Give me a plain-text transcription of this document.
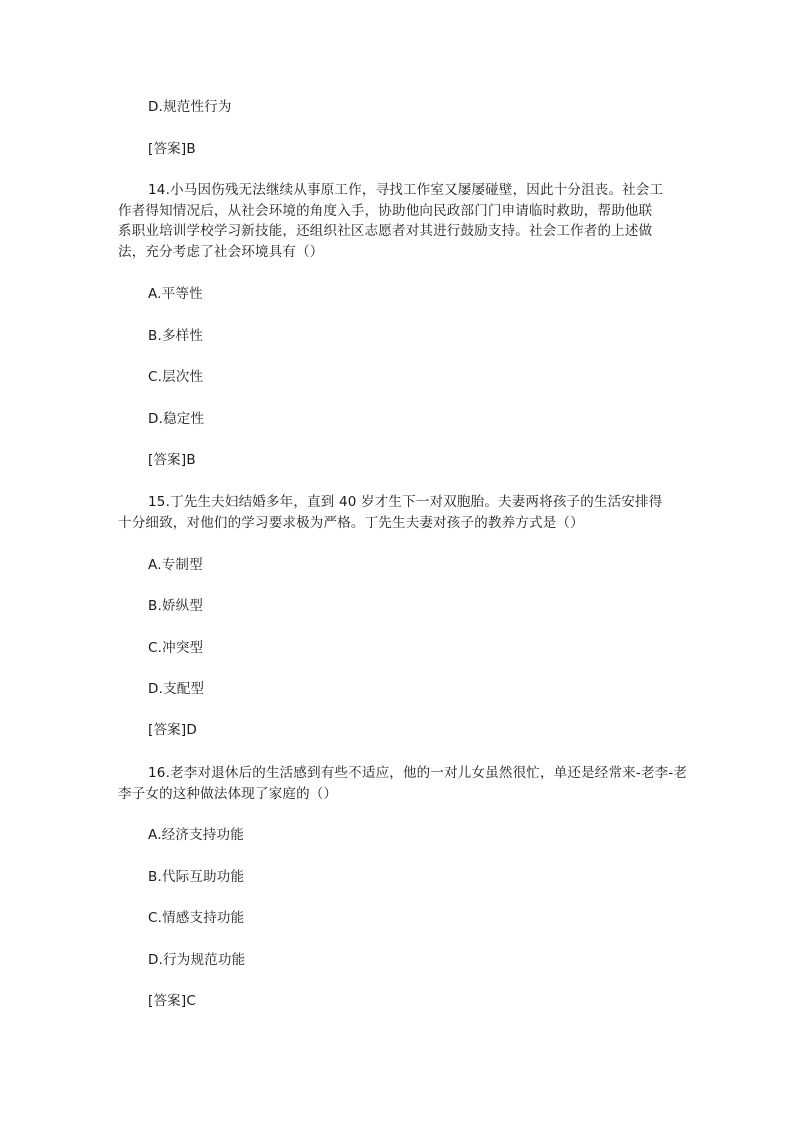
D.规范性行为
[答案]B
14.小马因伤残无法继续从事原工作，寻找工作室又屡屡碰壁，因此十分沮丧。社会工
作者得知情况后，从社会环境的角度入手，协助他向民政部门门申请临时救助，帮助他联
系职业培训学校学习新技能，还组织社区志愿者对其进行鼓励支持。社会工作者的上述做
法，充分考虑了社会环境具有（）
A.平等性
B.多样性
C.层次性
D.稳定性
[答案]B
15.丁先生夫妇结婚多年，直到 40 岁才生下一对双胞胎。夫妻两将孩子的生活安排得
十分细致，对他们的学习要求极为严格。丁先生夫妻对孩子的教养方式是（）
A.专制型
B.娇纵型
C.冲突型
D.支配型
[答案]D
16.老李对退休后的生活感到有些不适应，他的一对儿女虽然很忙，单还是经常来-老李-老
李子女的这种做法体现了家庭的（）
A.经济支持功能
B.代际互助功能
C.情感支持功能
D.行为规范功能
[答案]C
